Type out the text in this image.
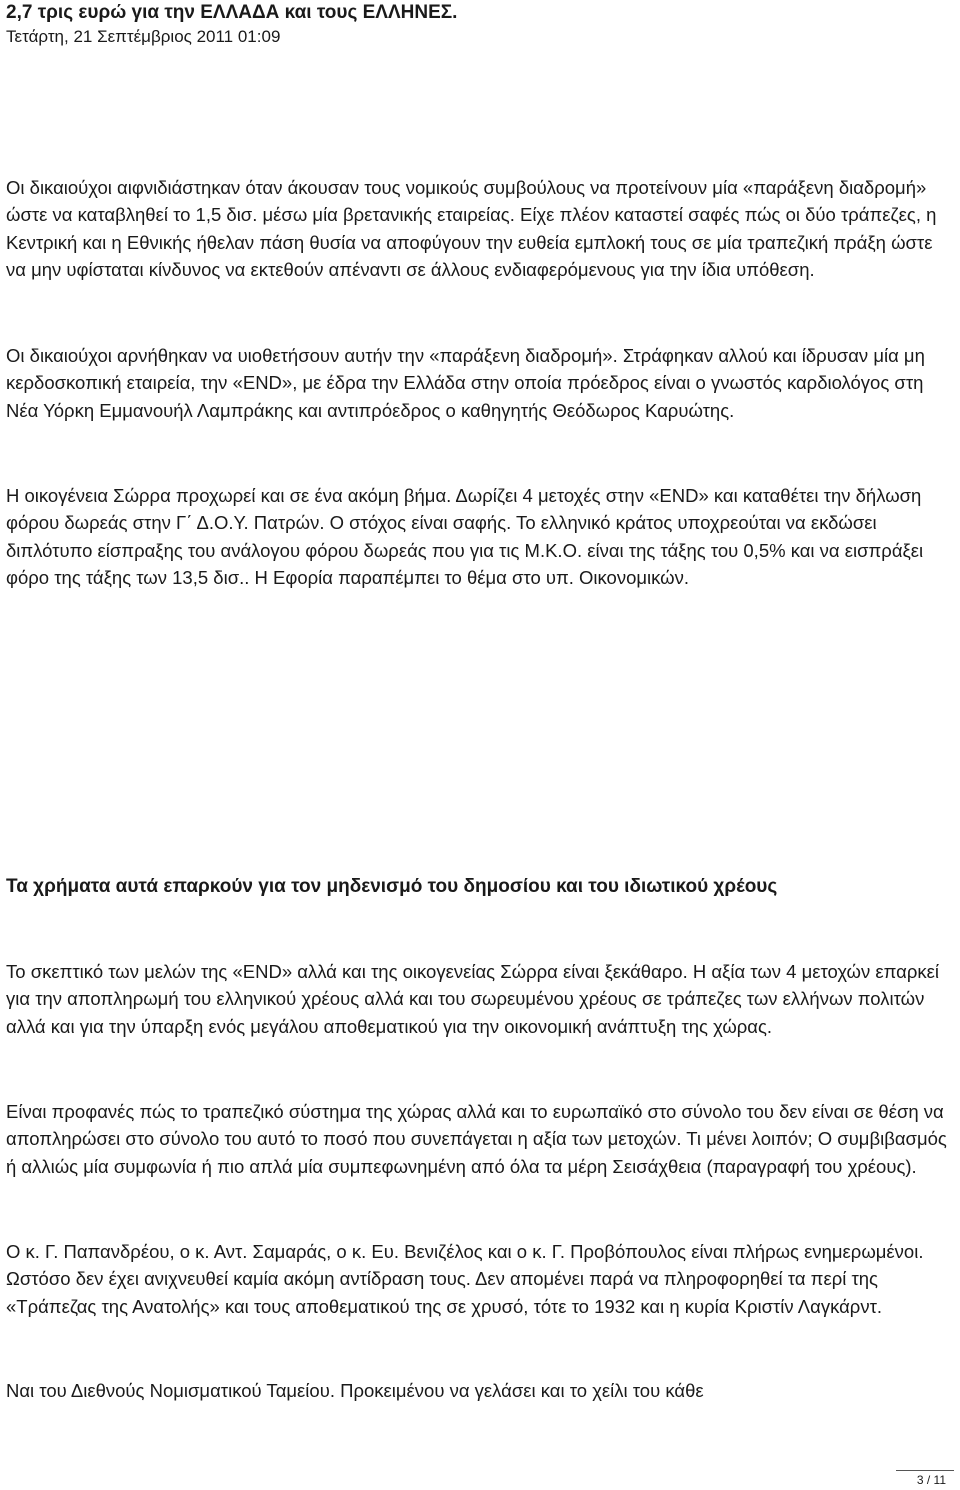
2,7 τρις ευρώ για την ΕΛΛΑΔΑ και τους ΕΛΛΗΝΕΣ.
Τετάρτη, 21 Σεπτέμβριος 2011 01:09

Οι δικαιούχοι αιφνιδιάστηκαν όταν άκουσαν τους νομικούς συμβούλους να προτείνουν μία «παράξενη διαδρομή» ώστε να καταβληθεί το 1,5 δισ. μέσω μία βρετανικής εταιρείας. Είχε πλέον καταστεί σαφές πώς οι δύο τράπεζες, η Κεντρική και η Εθνικής ήθελαν πάση θυσία να αποφύγουν την ευθεία εμπλοκή τους σε μία τραπεζική πράξη ώστε να μην υφίσταται κίνδυνος να εκτεθούν απέναντι σε άλλους ενδιαφερόμενους για την ίδια υπόθεση.

Οι δικαιούχοι αρνήθηκαν να υιοθετήσουν αυτήν την «παράξενη διαδρομή». Στράφηκαν αλλού και ίδρυσαν μία μη κερδοσκοπική εταιρεία, την «END», με έδρα την Ελλάδα στην οποία πρόεδρος είναι ο γνωστός καρδιολόγος στη Νέα Υόρκη Εμμανουήλ Λαμπράκης και αντιπρόεδρος ο καθηγητής Θεόδωρος Καρυώτης.

Η οικογένεια Σώρρα προχωρεί και σε ένα ακόμη βήμα. Δωρίζει 4 μετοχές στην «END» και καταθέτει την δήλωση φόρου δωρεάς στην Γ΄ Δ.Ο.Υ. Πατρών. Ο στόχος είναι σαφής. Το ελληνικό κράτος υποχρεούται να εκδώσει διπλότυπο είσπραξης του ανάλογου φόρου δωρεάς που για τις Μ.Κ.Ο. είναι της τάξης του 0,5% και να εισπράξει φόρο της τάξης των 13,5 δισ.. Η Εφορία παραπέμπει το θέμα στο υπ. Οικονομικών.

Τα χρήματα αυτά επαρκούν για τον μηδενισμό του δημοσίου και του ιδιωτικού χρέους

Το σκεπτικό των μελών της «END» αλλά και της οικογενείας Σώρρα είναι ξεκάθαρο. Η αξία των 4 μετοχών επαρκεί για την αποπληρωμή του ελληνικού χρέους αλλά και του σωρευμένου χρέους σε τράπεζες των ελλήνων πολιτών αλλά και για την ύπαρξη ενός μεγάλου αποθεματικού για την οικονομική ανάπτυξη της χώρας.

Είναι προφανές πώς το τραπεζικό σύστημα της χώρας αλλά και το ευρωπαϊκό στο σύνολο του δεν είναι σε θέση να αποπληρώσει στο σύνολο του αυτό το ποσό που συνεπάγεται η αξία των μετοχών. Τι μένει λοιπόν; Ο συμβιβασμός ή αλλιώς μία συμφωνία ή πιο απλά μία συμπεφωνημένη από όλα τα μέρη Σεισάχθεια (παραγραφή του χρέους).

Ο κ. Γ. Παπανδρέου, ο κ. Αντ. Σαμαράς, ο κ. Ευ. Βενιζέλος και ο κ. Γ. Προβόπουλος είναι πλήρως ενημερωμένοι. Ωστόσο δεν έχει ανιχνευθεί καμία ακόμη αντίδραση τους. Δεν απομένει παρά να πληροφορηθεί τα περί της «Τράπεζας της Ανατολής» και τους αποθεματικού της σε χρυσό, τότε το 1932 και η κυρία Κριστίν Λαγκάρντ.

Ναι του Διεθνούς Νομισματικού Ταμείου. Προκειμένου να γελάσει και το χείλι του κάθε

3 / 11
